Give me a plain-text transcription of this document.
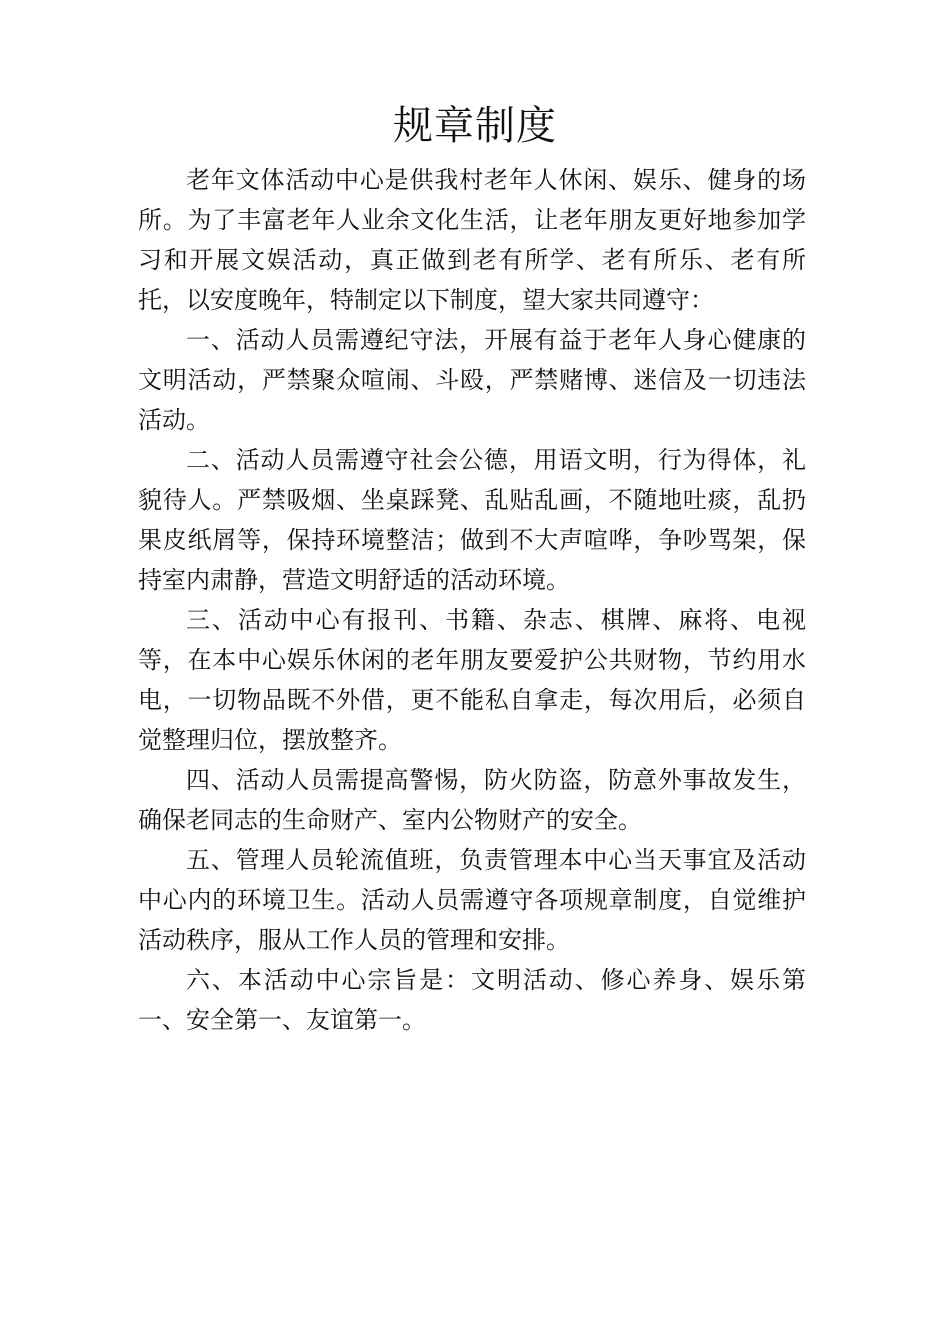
规章制度

老年文体活动中心是供我村老年人休闲、娱乐、健身的场所。为了丰富老年人业余文化生活，让老年朋友更好地参加学习和开展文娱活动，真正做到老有所学、老有所乐、老有所托，以安度晚年，特制定以下制度，望大家共同遵守：

一、活动人员需遵纪守法，开展有益于老年人身心健康的文明活动，严禁聚众喧闹、斗殴，严禁赌博、迷信及一切违法活动。

二、活动人员需遵守社会公德，用语文明，行为得体，礼貌待人。严禁吸烟、坐桌踩凳、乱贴乱画，不随地吐痰，乱扔果皮纸屑等，保持环境整洁；做到不大声喧哗，争吵骂架，保持室内肃静，营造文明舒适的活动环境。

三、活动中心有报刊、书籍、杂志、棋牌、麻将、电视等，在本中心娱乐休闲的老年朋友要爱护公共财物，节约用水电，一切物品既不外借，更不能私自拿走，每次用后，必须自觉整理归位，摆放整齐。

四、活动人员需提高警惕，防火防盗，防意外事故发生，确保老同志的生命财产、室内公物财产的安全。

五、管理人员轮流值班，负责管理本中心当天事宜及活动中心内的环境卫生。活动人员需遵守各项规章制度，自觉维护活动秩序，服从工作人员的管理和安排。

六、本活动中心宗旨是：文明活动、修心养身、娱乐第一、安全第一、友谊第一。
